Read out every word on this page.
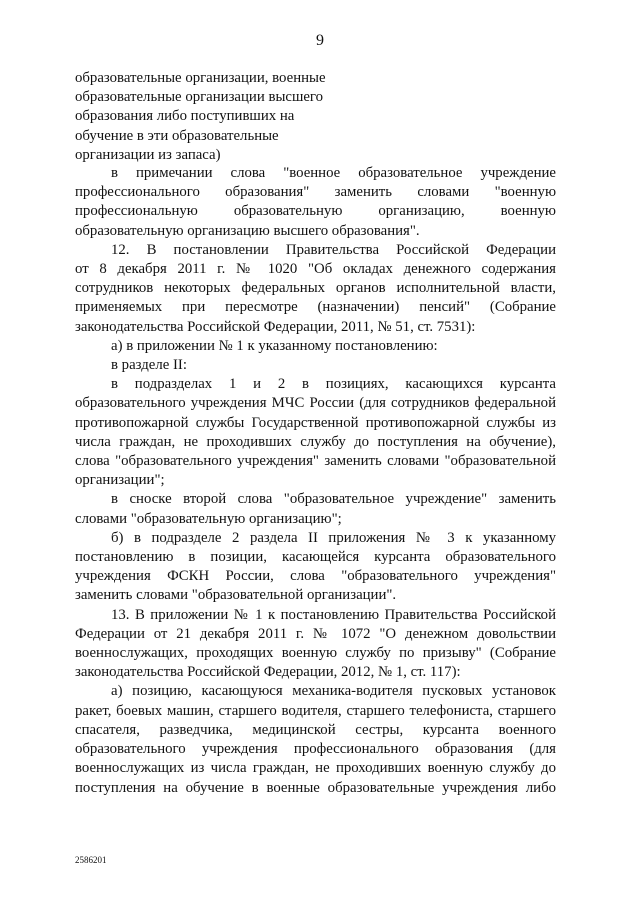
9
образовательные организации, военные
образовательные организации высшего
образования либо поступивших на
обучение в эти образовательные
организации из запаса)
в примечании слова "военное образовательное учреждение
профессионального образования" заменить словами "военную
профессиональную образовательную организацию, военную
образовательную организацию высшего образования".
12. В постановлении Правительства Российской Федерации
от 8 декабря 2011 г. № 1020 "Об окладах денежного содержания
сотрудников некоторых федеральных органов исполнительной власти,
применяемых при пересмотре (назначении) пенсий" (Собрание
законодательства Российской Федерации, 2011, № 51, ст. 7531):
а) в приложении № 1 к указанному постановлению:
в разделе II:
в подразделах 1 и 2 в позициях, касающихся курсанта
образовательного учреждения МЧС России (для сотрудников федеральной
противопожарной службы Государственной противопожарной службы из
числа граждан, не проходивших службу до поступления на обучение),
слова "образовательного учреждения" заменить словами "образовательной
организации";
в сноске второй слова "образовательное учреждение" заменить
словами "образовательную организацию";
б) в подразделе 2 раздела II приложения № 3 к указанному
постановлению в позиции, касающейся курсанта образовательного
учреждения ФСКН России, слова "образовательного учреждения"
заменить словами "образовательной организации".
13. В приложении № 1 к постановлению Правительства Российской
Федерации от 21 декабря 2011 г. № 1072 "О денежном довольствии
военнослужащих, проходящих военную службу по призыву" (Собрание
законодательства Российской Федерации, 2012, № 1, ст. 117):
а) позицию, касающуюся механика-водителя пусковых установок
ракет, боевых машин, старшего водителя, старшего телефониста, старшего
спасателя, разведчика, медицинской сестры, курсанта военного
образовательного учреждения профессионального образования (для
военнослужащих из числа граждан, не проходивших военную службу до
поступления на обучение в военные образовательные учреждения либо
2586201
